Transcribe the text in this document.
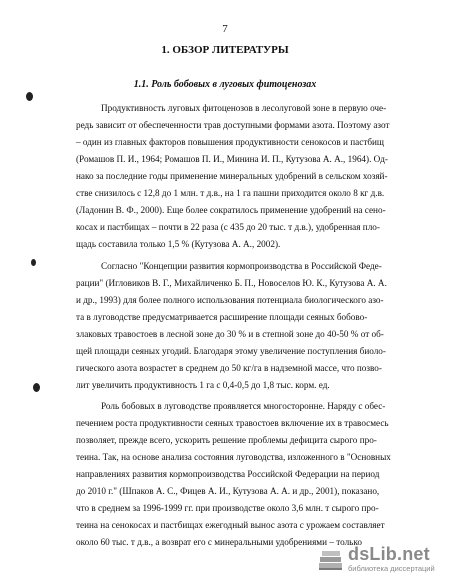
7
1. ОБЗОР ЛИТЕРАТУРЫ
1.1. Роль бобовых в луговых фитоценозах
Продуктивность луговых фитоценозов в лесолуговой зоне в первую оче-
редь зависит от обеспеченности трав доступными формами азота. Поэтому азот
– один из главных факторов повышения продуктивности сенокосов и пастбищ
(Ромашов П. И., 1964; Ромашов П. И., Минина И. П., Кутузова А. А., 1964). Од-
нако за последние годы применение минеральных удобрений в сельском хозяй-
стве снизилось с 12,8 до 1 млн. т д.в., на 1 га пашни приходится около 8 кг д.в.
(Ладонин В. Ф., 2000). Еще более сократилось применение удобрений на сено-
косах и пастбищах – почти в 22 раза (с 435 до 20 тыс. т д.в.), удобренная пло-
щадь составила только 1,5 % (Кутузова А. А., 2002).
Согласно "Концепции развития кормопроизводства в Российской Феде-
рации" (Игловиков В. Г., Михайличенко Б. П., Новоселов Ю. К., Кутузова А. А.
и др., 1993) для более полного использования потенциала биологического азо-
та в луговодстве предусматривается расширение площади сеяных бобово-
злаковых травостоев в лесной зоне до 30 % и в степной зоне до 40-50 % от об-
щей площади сеяных угодий. Благодаря этому увеличение поступления биоло-
гического азота возрастет в среднем до 50 кг/га в надземной массе, что позво-
лит увеличить продуктивность 1 га с 0,4-0,5 до 1,8 тыс. корм. ед.
Роль бобовых в луговодстве проявляется многосторонне. Наряду с обес-
печением роста продуктивности сеяных травостоев включение их в травосмесь
позволяет, прежде всего, ускорить решение проблемы дефицита сырого про-
теина. Так, на основе анализа состояния луговодства, изложенного в "Основных
направлениях развития кормопроизводства Российской Федерации на период
до 2010 г." (Шпаков А. С., Фицев А. И., Кутузова А. А. и др., 2001), показано,
что в среднем за 1996-1999 гг. при производстве около 3,6 млн. т сырого про-
теина на сенокосах и пастбищах ежегодный вынос азота с урожаем составляет
около 60 тыс. т д.в., а возврат его с минеральными удобрениями – только
dsLib.net
библиотека диссертаций
